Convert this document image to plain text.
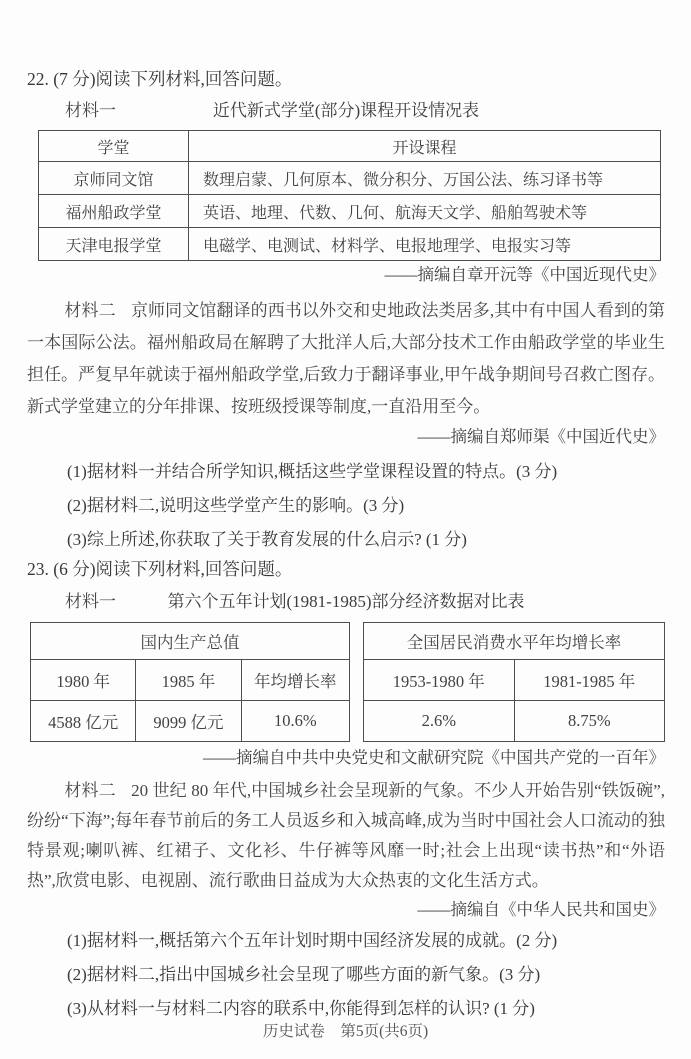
22. (7 分)阅读下列材料,回答问题。
材料一	近代新式学堂(部分)课程开设情况表
学堂	开设课程
京师同文馆	数理启蒙、几何原本、微分积分、万国公法、练习译书等
福州船政学堂	英语、地理、代数、几何、航海天文学、船舶驾驶术等
天津电报学堂	电磁学、电测试、材料学、电报地理学、电报实习等
——摘编自章开沅等《中国近现代史》

材料二 京师同文馆翻译的西书以外交和史地政法类居多,其中有中国人看到的第一本国际公法。福州船政局在解聘了大批洋人后,大部分技术工作由船政学堂的毕业生担任。严复早年就读于福州船政学堂,后致力于翻译事业,甲午战争期间号召救亡图存。新式学堂建立的分年排课、按班级授课等制度,一直沿用至今。

——摘编自郑师渠《中国近代史》
(1)据材料一并结合所学知识,概括这些学堂课程设置的特点。(3 分)
(2)据材料二,说明这些学堂产生的影响。(3 分)
(3)综上所述,你获取了关于教育发展的什么启示? (1 分)
23. (6 分)阅读下列材料,回答问题。
材料一	第六个五年计划(1981-1985)部分经济数据对比表
国内生产总值		
1980 年	1985 年	年均增长率
4588 亿元	9099 亿元	10.6%
全国居民消费水平年均增长率	
1953-1980 年	1981-1985 年
2.6%	8.75%
——摘编自中共中央党史和文献研究院《中国共产党的一百年》

材料二 20 世纪 80 年代,中国城乡社会呈现新的气象。不少人开始告别“铁饭碗”,纷纷“下海”;每年春节前后的务工人员返乡和入城高峰,成为当时中国社会人口流动的独特景观;喇叭裤、红裙子、文化衫、牛仔裤等风靡一时;社会上出现“读书热”和“外语热”,欣赏电影、电视剧、流行歌曲日益成为大众热衷的文化生活方式。

——摘编自《中华人民共和国史》
(1)据材料一,概括第六个五年计划时期中国经济发展的成就。(2 分)
(2)据材料二,指出中国城乡社会呈现了哪些方面的新气象。(3 分)
(3)从材料一与材料二内容的联系中,你能得到怎样的认识? (1 分)
历史试卷　第5页(共6页)
